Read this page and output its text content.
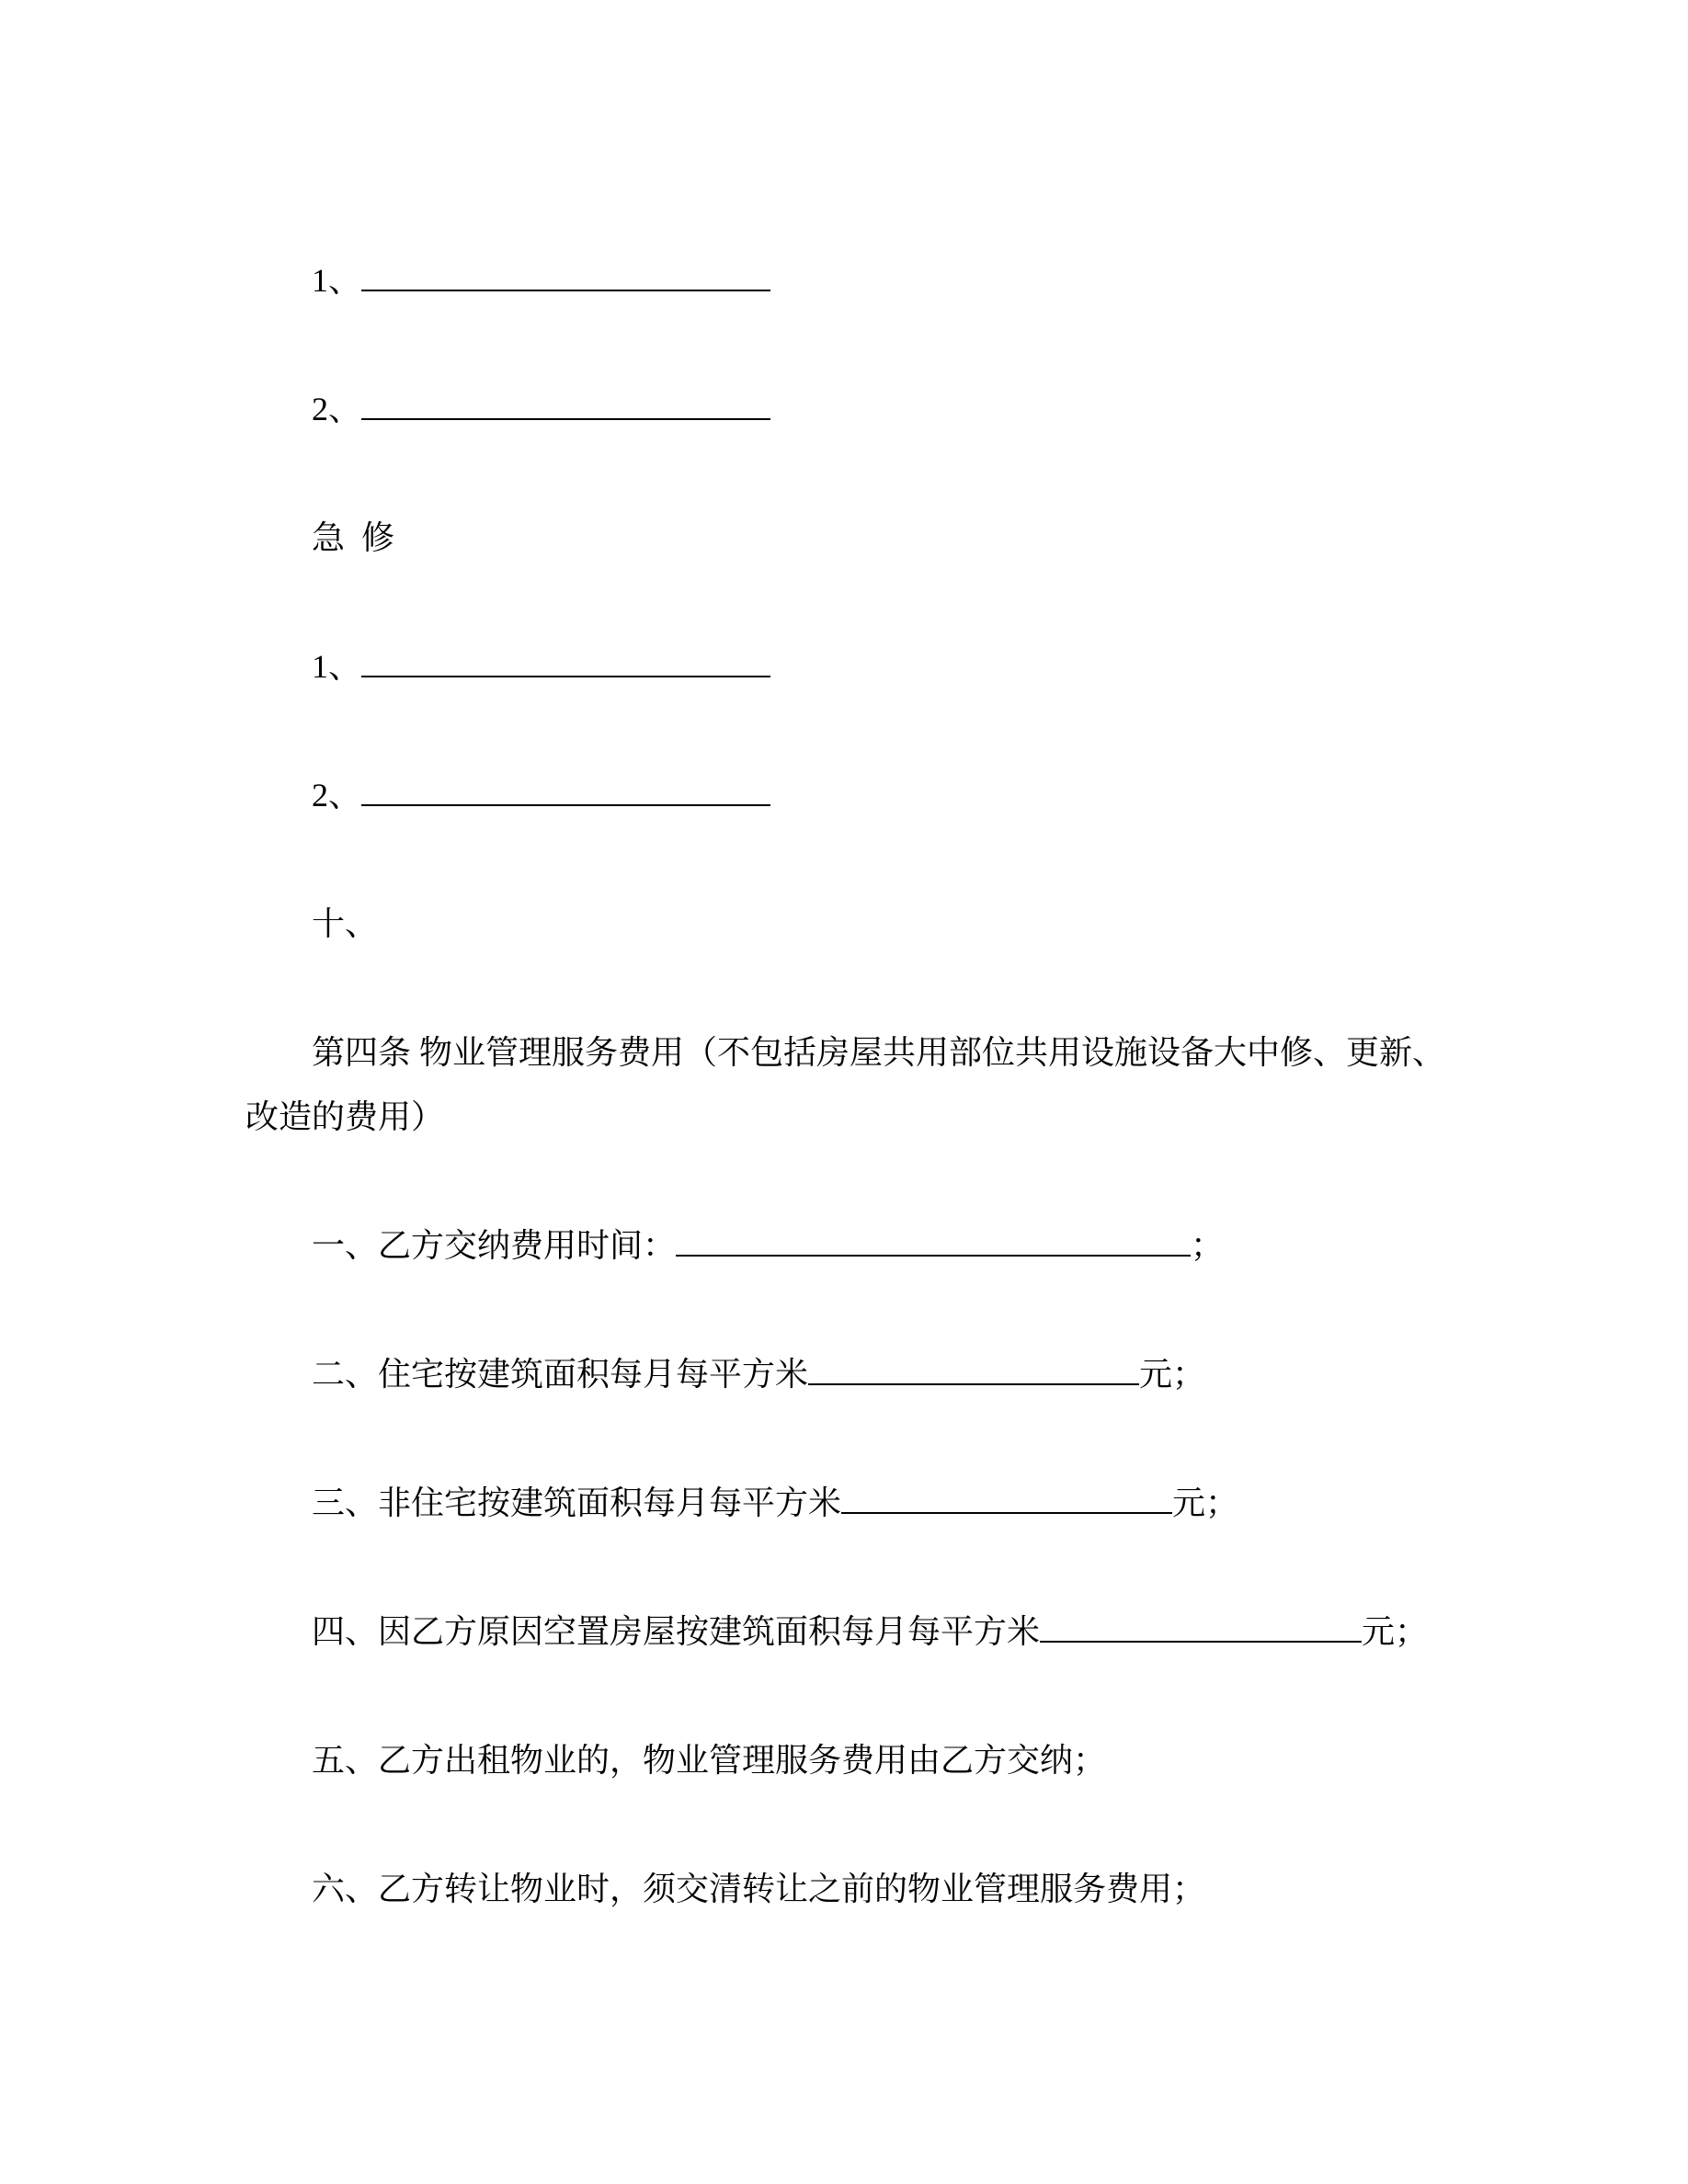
1、

2、

急  修

1、

2、

十、

第四条 物业管理服务费用（不包括房屋共用部位共用设施设备大中修、更新、改造的费用）

一、乙方交纳费用时间：	；

二、住宅按建筑面积每月每平方米	元；

三、非住宅按建筑面积每月每平方米	元；

四、因乙方原因空置房屋按建筑面积每月每平方米	元；

五、乙方出租物业的，物业管理服务费用由乙方交纳；

六、乙方转让物业时，须交清转让之前的物业管理服务费用；
